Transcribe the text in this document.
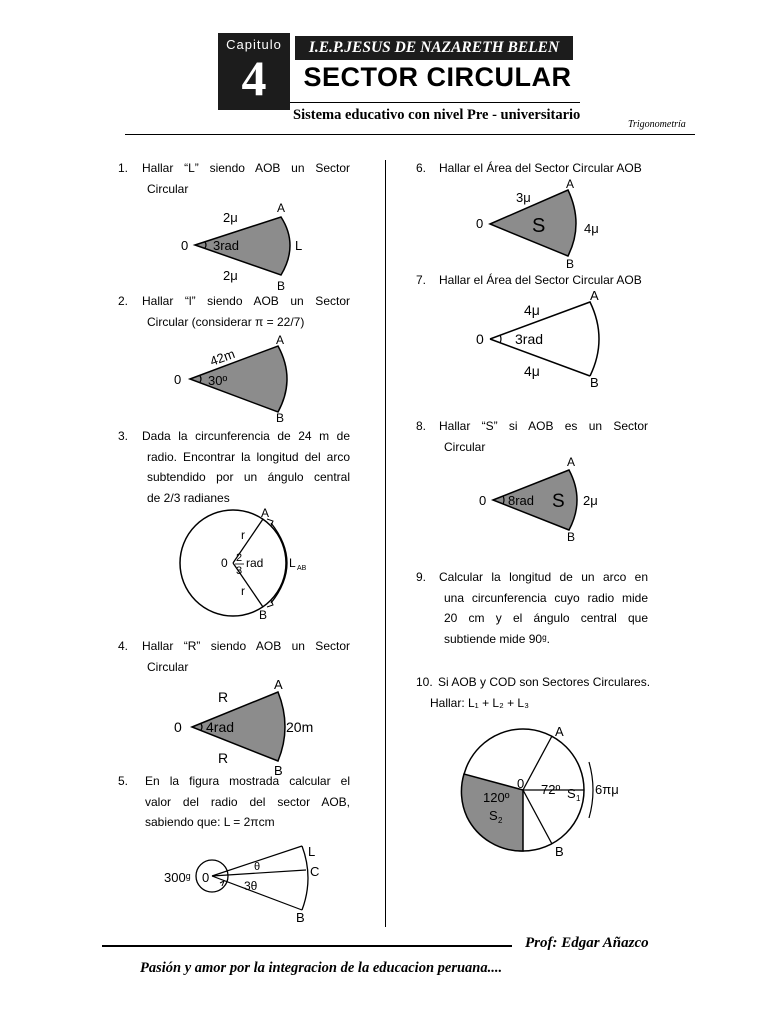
Capitulo
4
I.E.P.JESUS DE NAZARETH BELEN
SECTOR CIRCULAR
Sistema educativo con nivel Pre - universitario
Trigonometría
1.	Hallar “L” siendo AOB un Sector
Circular
0
A
B
2μ
2μ
3rad	L
2.	Hallar “l” siendo AOB un Sector
Circular (considerar π = 22/7)
0
A
B
42m
30º
3.	Dada la circunferencia de 24 m de
radio. Encontrar la longitud del arco
subtendido por un ángulo central
de 2/3 radianes
0
A
B
r
r
2
3
rad L AB
4.	Hallar “R” siendo AOB un Sector
Circular
0
A
B
R
R
4rad	20m
5.	En la figura mostrada calcular el
valor del radio del sector AOB,
sabiendo que: L = 2πcm
300ᵍ 0
L
C
B
θ
3θ
6.	Hallar el Área del Sector Circular AOB
0
A
B
3μ
4μ
S
7.	Hallar el Área del Sector Circular AOB
0
A
B
4μ
4μ
3rad
8.	Hallar “S” si AOB es un Sector
Circular
0
A
B
8rad S 2μ
9.	Calcular la longitud de un arco en
una circunferencia cuyo radio mide
20 cm y el ángulo central que
subtiende mide 90ᵍ.
10. Si AOB y COD son Sectores Circulares.
Hallar: L₁ + L₂ + L₃
0
A
B
120º
S 2
72º S 1
6πμ
Prof: Edgar Añazco
Pasión y amor por la integracion de la educacion peruana....
